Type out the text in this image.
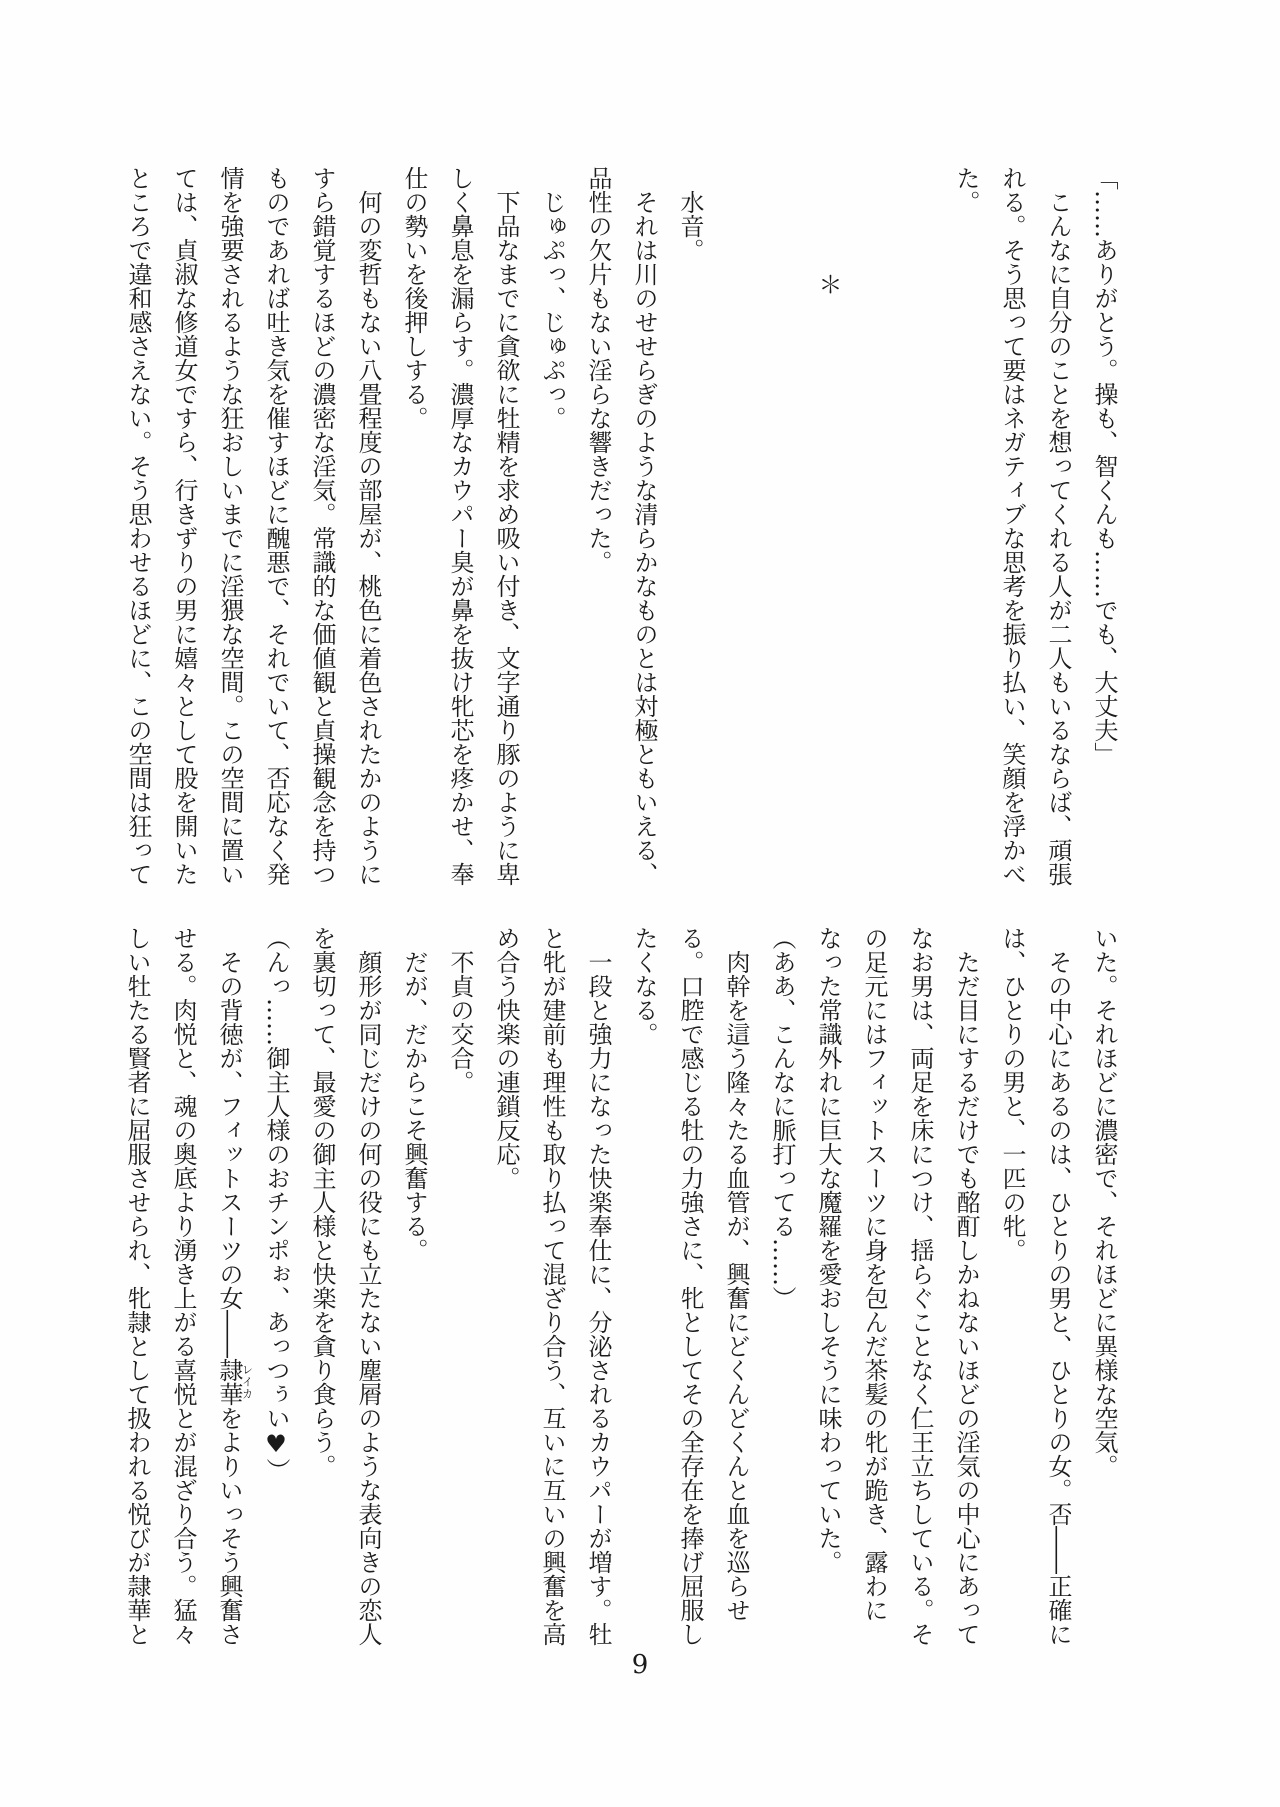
「……ありがとう。操も、智くんも……でも、大丈夫」

こんなに自分のことを想ってくれる人が二人もいるならば、頑張れる。そう思って要はネガティブな思考を振り払い、笑顔を浮かべた。

＊

水音。

それは川のせせらぎのような清らかなものとは対極ともいえる、品性の欠片もない淫らな響きだった。

じゅぷっ、じゅぷっ。

下品なまでに貪欲に牡精を求め吸い付き、文字通り豚のように卑しく鼻息を漏らす。濃厚なカウパー臭が鼻を抜け牝芯を疼かせ、奉仕の勢いを後押しする。

何の変哲もない八畳程度の部屋が、桃色に着色されたかのようにすら錯覚するほどの濃密な淫気。常識的な価値観と貞操観念を持つものであれば吐き気を催すほどに醜悪で、それでいて、否応なく発情を強要されるような狂おしいまでに淫猥な空間。この空間に置いては、貞淑な修道女ですら、行きずりの男に嬉々として股を開いたところで違和感さえない。そう思わせるほどに、この空間は狂って

いた。それほどに濃密で、それほどに異様な空気。

その中心にあるのは、ひとりの男と、ひとりの女。否――正確には、ひとりの男と、一匹の牝。

ただ目にするだけでも酩酊しかねないほどの淫気の中心にあってなお男は、両足を床につけ、揺らぐことなく仁王立ちしている。その足元にはフィットスーツに身を包んだ茶髪の牝が跪き、露わになった常識外れに巨大な魔羅を愛おしそうに味わっていた。

（ああ、こんなに脈打ってる……）

肉幹を這う隆々たる血管が、興奮にどくんどくんと血を巡らせる。口腔で感じる牡の力強さに、牝としてその全存在を捧げ屈服したくなる。

一段と強力になった快楽奉仕に、分泌されるカウパーが増す。牡と牝が建前も理性も取り払って混ざり合う、互いに互いの興奮を高め合う快楽の連鎖反応。

不貞の交合。

だが、だからこそ興奮する。

顔形が同じだけの何の役にも立たない塵屑のような表向きの恋人を裏切って、最愛の御主人様と快楽を貪り食らう。

（んっ……御主人様のおチンポぉ、あっつぅい♥）

その背徳が、フィットスーツの女――隷華レイカをよりいっそう興奮させる。肉悦と、魂の奥底より湧き上がる喜悦とが混ざり合う。猛々しい牡たる賢者に屈服させられ、牝隷として扱われる悦びが隷華と

9
